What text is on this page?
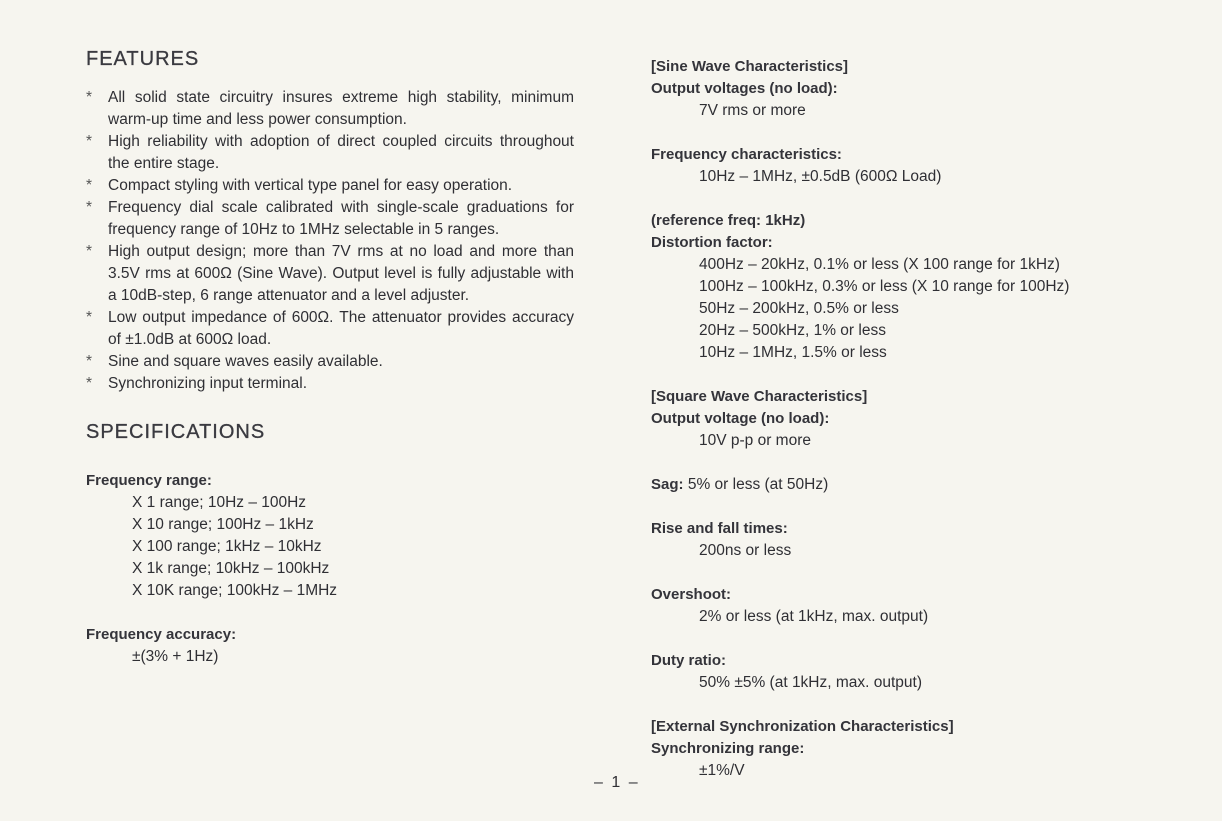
FEATURES
* All solid state circuitry insures extreme high stability, minimum warm-up time and less power consumption.
* High reliability with adoption of direct coupled circuits throughout the entire stage.
* Compact styling with vertical type panel for easy operation.
* Frequency dial scale calibrated with single-scale graduations for frequency range of 10Hz to 1MHz selectable in 5 ranges.
* High output design; more than 7V rms at no load and more than 3.5V rms at 600Ω (Sine Wave). Output level is fully adjustable with a 10dB-step, 6 range attenuator and a level adjuster.
* Low output impedance of 600Ω. The attenuator provides accuracy of ±1.0dB at 600Ω load.
* Sine and square waves easily available.
* Synchronizing input terminal.
SPECIFICATIONS
Frequency range:
X 1 range; 10Hz – 100Hz
X 10 range; 100Hz – 1kHz
X 100 range; 1kHz – 10kHz
X 1k range; 10kHz – 100kHz
X 10K range; 100kHz – 1MHz
Frequency accuracy:
±(3% + 1Hz)
[Sine Wave Characteristics]
Output voltages (no load):
7V rms or more
Frequency characteristics:
10Hz – 1MHz, ±0.5dB (600Ω Load)
(reference freq: 1kHz)
Distortion factor:
400Hz – 20kHz, 0.1% or less (X 100 range for 1kHz)
100Hz – 100kHz, 0.3% or less (X 10 range for 100Hz)
50Hz – 200kHz, 0.5% or less
20Hz – 500kHz, 1% or less
10Hz – 1MHz, 1.5% or less
[Square Wave Characteristics]
Output voltage (no load):
10V p-p or more
Sag: 5% or less (at 50Hz)
Rise and fall times:
200ns or less
Overshoot:
2% or less (at 1kHz, max. output)
Duty ratio:
50% ±5% (at 1kHz, max. output)
[External Synchronization Characteristics]
Synchronizing range:
±1%/V
– 1 –
